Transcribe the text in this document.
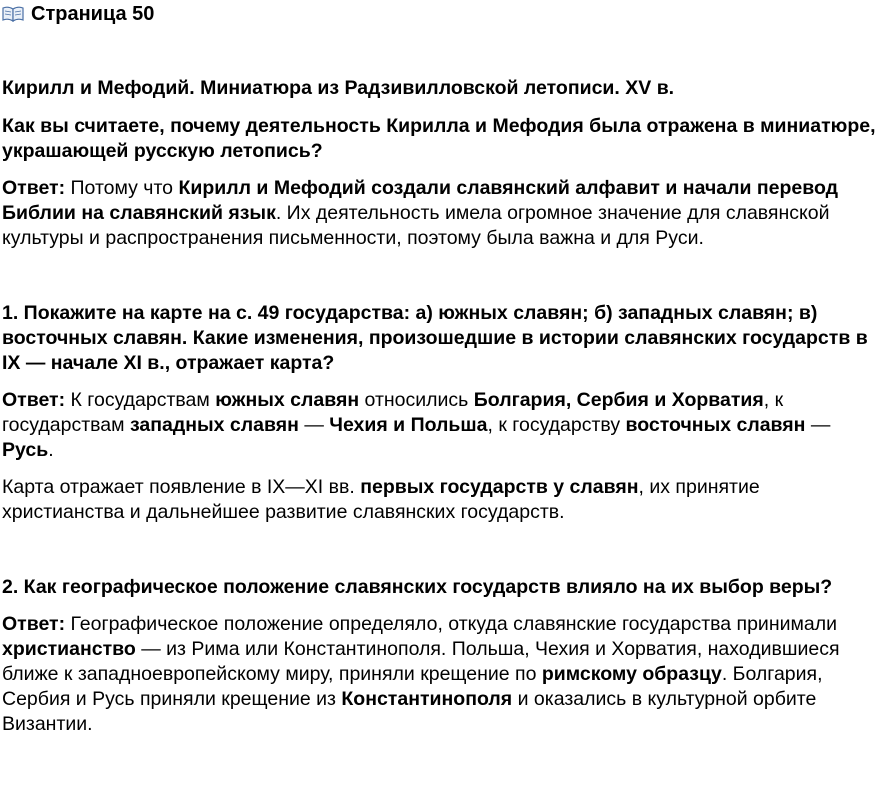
Страница 50

Кирилл и Мефодий. Миниатюра из Радзивилловской летописи. XV в.

Как вы считаете, почему деятельность Кирилла и Мефодия была отражена в миниатюре, украшающей русскую летопись?

Ответ: Потому что Кирилл и Мефодий создали славянский алфавит и начали перевод Библии на славянский язык. Их деятельность имела огромное значение для славянской культуры и распространения письменности, поэтому была важна и для Руси.

1. Покажите на карте на с. 49 государства: а) южных славян; б) западных славян; в) восточных славян. Какие изменения, произошедшие в истории славянских государств в IX — начале XI в., отражает карта?

Ответ: К государствам южных славян относились Болгария, Сербия и Хорватия, к государствам западных славян — Чехия и Польша, к государству восточных славян — Русь.

Карта отражает появление в IX—XI вв. первых государств у славян, их принятие христианства и дальнейшее развитие славянских государств.

2. Как географическое положение славянских государств влияло на их выбор веры?

Ответ: Географическое положение определяло, откуда славянские государства принимали христианство — из Рима или Константинополя. Польша, Чехия и Хорватия, находившиеся ближе к западноевропейскому миру, приняли крещение по римскому образцу. Болгария, Сербия и Русь приняли крещение из Константинополя и оказались в культурной орбите Византии.
